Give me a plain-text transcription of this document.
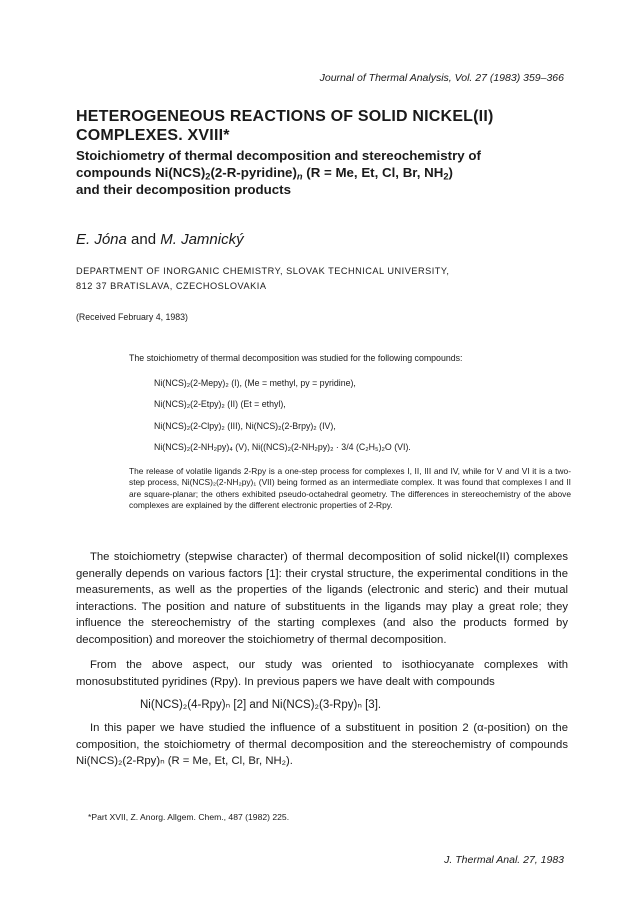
Journal of Thermal Analysis, Vol. 27 (1983) 359–366
HETEROGENEOUS REACTIONS OF SOLID NICKEL(II)
COMPLEXES. XVIII*
Stoichiometry of thermal decomposition and stereochemistry of
compounds $Ni(NCS)_2(2-R-pyridine)_n$ (R = Me, Et, Cl, Br, $NH_2$)
and their decomposition products
E. Jóna and M. Jamnický
DEPARTMENT OF INORGANIC CHEMISTRY, SLOVAK TECHNICAL UNIVERSITY,
812 37 BRATISLAVA, CZECHOSLOVAKIA
(Received February 4, 1983)
The stoichiometry of thermal decomposition was studied for the following compounds:
Ni(NCS)₂(2-Mepy)₂ (I), (Me = methyl, py = pyridine),
Ni(NCS)₂(2-Etpy)₂ (II) (Et = ethyl),
Ni(NCS)₂(2-Clpy)₂ (III), Ni(NCS)₂(2-Brpy)₂ (IV),
Ni(NCS)₂(2-NH₂py)₄ (V), Ni((NCS)₂(2-NH₂py)₂ · 3/4 (C₂H₅)₂O (VI).
The release of volatile ligands 2-Rpy is a one-step process for complexes I, II, III and IV, while for V and VI it is a two-step process, Ni(NCS)₂(2-NH₂py)₁ (VII) being formed as an intermediate complex. It was found that complexes I and II are square-planar; the others exhibited pseudo-octahedral geometry. The differences in stereochemistry of the above complexes are explained by the different electronic properties of 2-Rpy.
The stoichiometry (stepwise character) of thermal decomposition of solid nickel(II) complexes generally depends on various factors [1]: their crystal structure, the experimental conditions in the measurements, as well as the properties of the ligands (electronic and steric) and their mutual interactions. The position and nature of substituents in the ligands may play a great role; they influence the stereochemistry of the starting complexes (and also the products formed by decomposition) and moreover the stoichiometry of thermal decomposition.
From the above aspect, our study was oriented to isothiocyanate complexes with monosubstituted pyridines (Rpy). In previous papers we have dealt with compounds
Ni(NCS)₂(4-Rpy)ₙ [2] and Ni(NCS)₂(3-Rpy)ₙ [3].
In this paper we have studied the influence of a substituent in position 2 (α-position) on the composition, the stoichiometry of thermal decomposition and the stereochemistry of compounds Ni(NCS)₂(2-Rpy)ₙ (R = Me, Et, Cl, Br, NH₂).
*Part XVII, Z. Anorg. Allgem. Chem., 487 (1982) 225.
J. Thermal Anal. 27, 1983
